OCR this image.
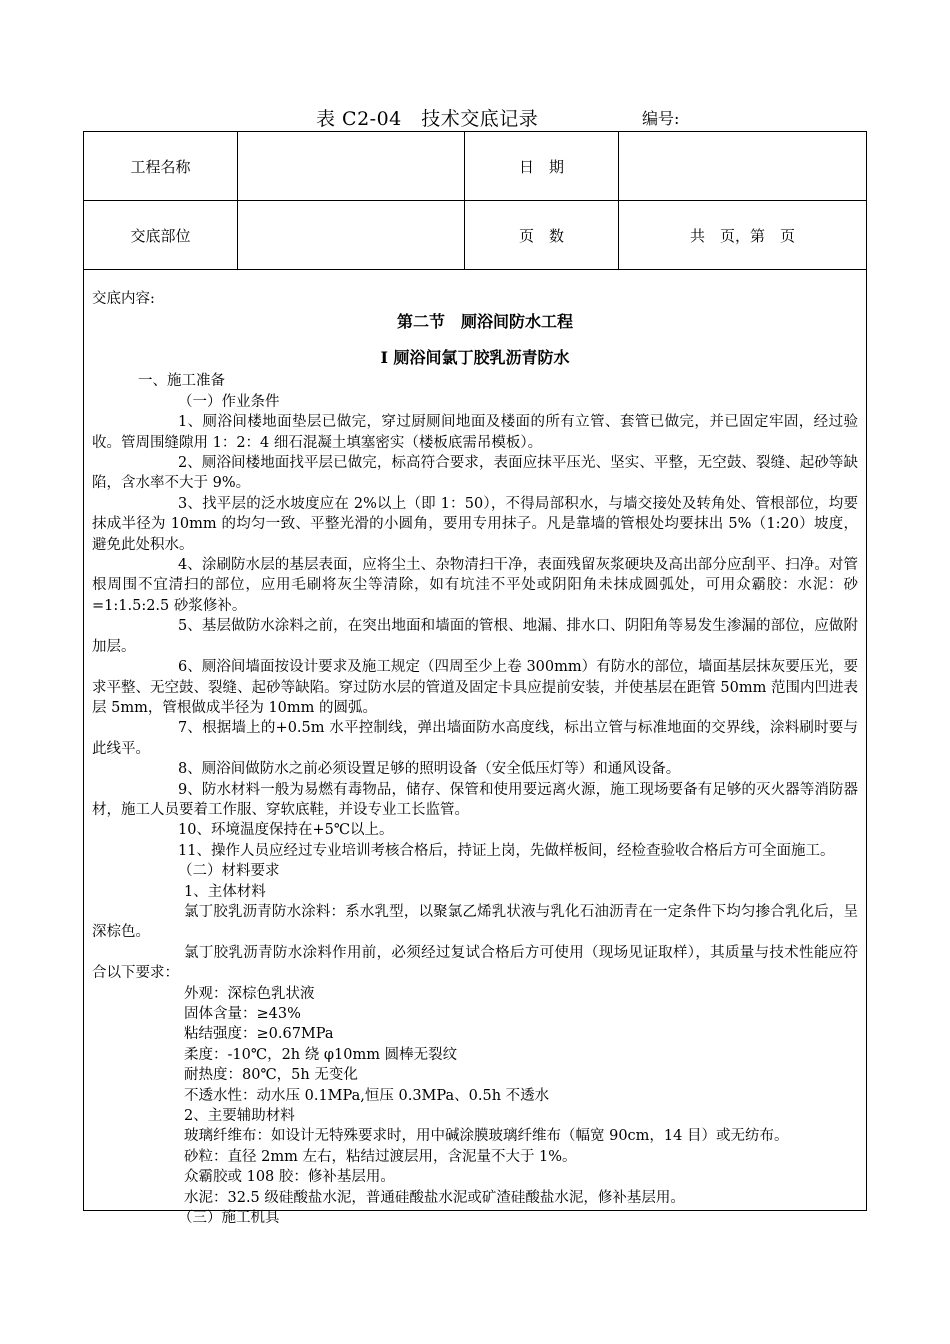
表 C2-04　技术交底记录	编号:
工程名称		日　期	
交底部位		页　数	共　页，第　页

交底内容:

第二节　厕浴间防水工程
Ⅰ 厕浴间氯丁胶乳沥青防水

一、施工准备

（一）作业条件

1、厕浴间楼地面垫层已做完，穿过厨厕间地面及楼面的所有立管、套管已做完，并已固定牢固，经过验收。管周围缝隙用 1：2：4 细石混凝土填塞密实（楼板底需吊模板）。

2、厕浴间楼地面找平层已做完，标高符合要求，表面应抹平压光、坚实、平整，无空鼓、裂缝、起砂等缺陷，含水率不大于 9%。

3、找平层的泛水坡度应在 2%以上（即 1：50），不得局部积水，与墙交接处及转角处、管根部位，均要抹成半径为 10mm 的均匀一致、平整光滑的小圆角，要用专用抹子。凡是靠墙的管根处均要抹出 5%（1:20）坡度，避免此处积水。

4、涂刷防水层的基层表面，应将尘土、杂物清扫干净，表面残留灰浆硬块及高出部分应刮平、扫净。对管根周围不宜清扫的部位，应用毛刷将灰尘等清除，如有坑洼不平处或阴阳角未抹成圆弧处，可用众霸胶：水泥：砂=1:1.5:2.5 砂浆修补。

5、基层做防水涂料之前，在突出地面和墙面的管根、地漏、排水口、阴阳角等易发生渗漏的部位，应做附加层。

6、厕浴间墙面按设计要求及施工规定（四周至少上卷 300mm）有防水的部位，墙面基层抹灰要压光，要求平整、无空鼓、裂缝、起砂等缺陷。穿过防水层的管道及固定卡具应提前安装，并使基层在距管 50mm 范围内凹进表层 5mm，管根做成半径为 10mm 的圆弧。

7、根据墙上的+0.5m 水平控制线，弹出墙面防水高度线，标出立管与标准地面的交界线，涂料刷时要与此线平。

8、厕浴间做防水之前必须设置足够的照明设备（安全低压灯等）和通风设备。

9、防水材料一般为易燃有毒物品，储存、保管和使用要远离火源，施工现场要备有足够的灭火器等消防器材，施工人员要着工作服、穿软底鞋，并设专业工长监管。

10、环境温度保持在+5℃以上。

11、操作人员应经过专业培训考核合格后，持证上岗，先做样板间，经检查验收合格后方可全面施工。

（二）材料要求

1、主体材料

氯丁胶乳沥青防水涂料：系水乳型，以聚氯乙烯乳状液与乳化石油沥青在一定条件下均匀掺合乳化后，呈深棕色。

氯丁胶乳沥青防水涂料作用前，必须经过复试合格后方可使用（现场见证取样），其质量与技术性能应符合以下要求：

外观：深棕色乳状液

固体含量：≥43%

粘结强度：≥0.67MPa

柔度：-10℃，2h 绕 φ10mm 圆棒无裂纹

耐热度：80℃，5h 无变化

不透水性：动水压 0.1MPa,恒压 0.3MPa、0.5h 不透水

2、主要辅助材料

玻璃纤维布：如设计无特殊要求时，用中碱涂膜玻璃纤维布（幅宽 90cm，14 目）或无纺布。

砂粒：直径 2mm 左右，粘结过渡层用，含泥量不大于 1%。

众霸胶或 108 胶：修补基层用。

水泥：32.5 级硅酸盐水泥，普通硅酸盐水泥或矿渣硅酸盐水泥，修补基层用。

（三）施工机具
